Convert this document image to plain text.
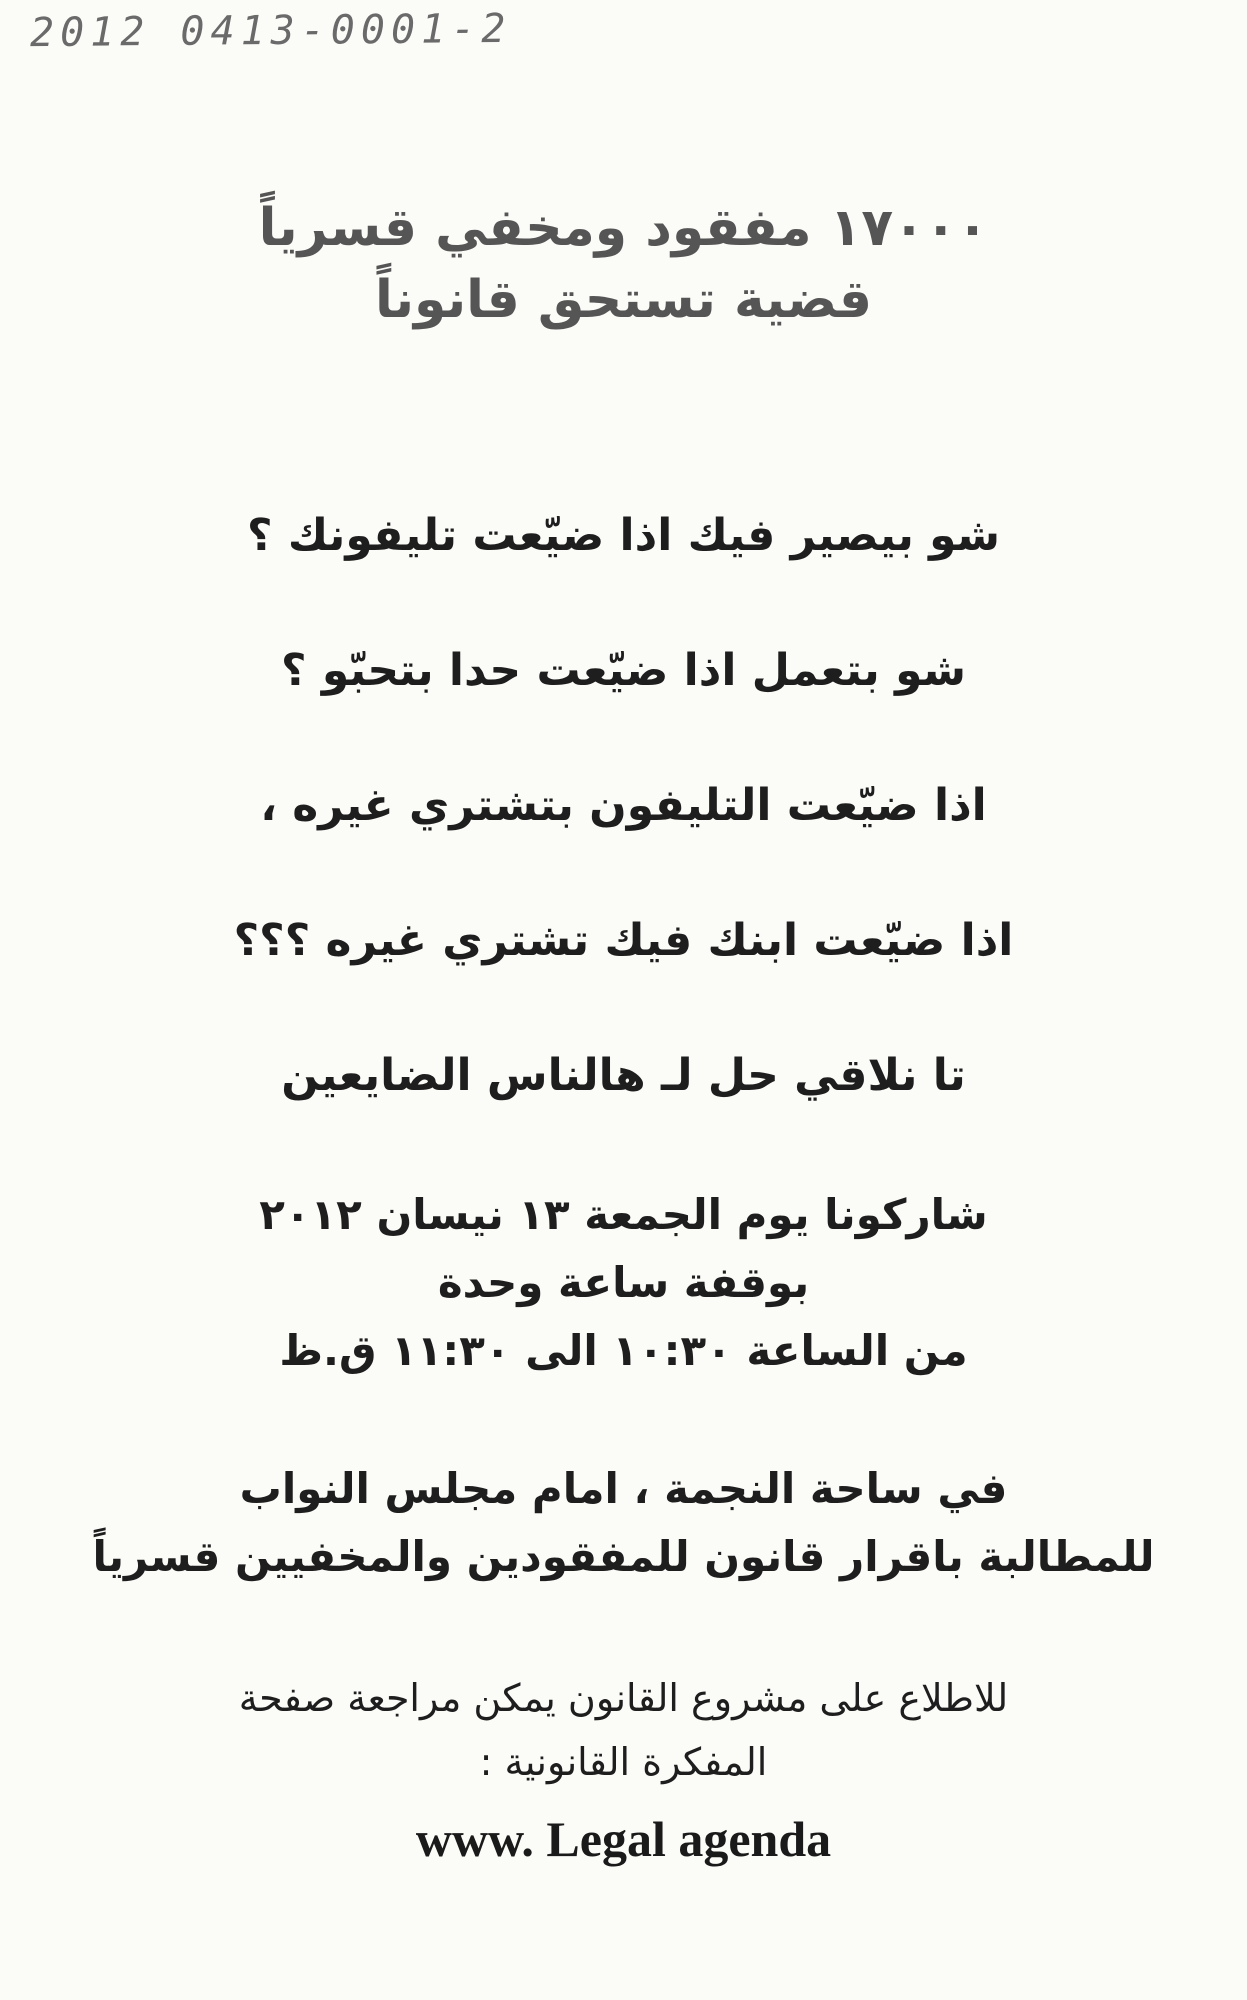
2012 0413-0001-2
١٧٠٠٠ مفقود ومخفي قسرياً
قضية تستحق قانوناً
شو بيصير فيك اذا ضيّعت تليفونك ؟
شو بتعمل اذا ضيّعت حدا بتحبّو ؟
اذا ضيّعت التليفون بتشتري غيره ،
اذا ضيّعت ابنك فيك تشتري غيره ؟؟؟
تا نلاقي حل لـ هالناس الضايعين
شاركونا يوم الجمعة ١٣ نيسان ٢٠١٢
بوقفة ساعة وحدة
من الساعة ١٠:٣٠ الى ١١:٣٠ ق.ظ
في ساحة النجمة ، امام مجلس النواب
للمطالبة باقرار قانون للمفقودين والمخفيين قسرياً
للاطلاع على مشروع القانون يمكن مراجعة صفحة
المفكرة القانونية :
www. Legal agenda
